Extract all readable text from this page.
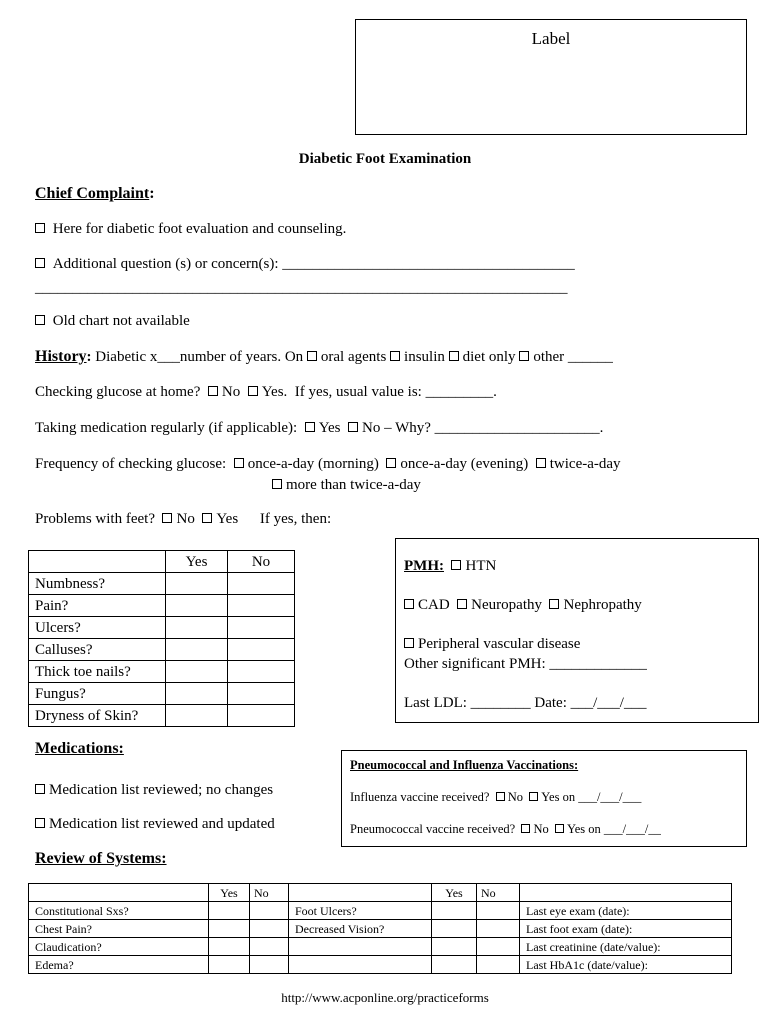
Label
Diabetic Foot Examination
Chief Complaint:
Here for diabetic foot evaluation and counseling.
Additional question (s) or concern(s): _______________________________________
_______________________________________________________________________
Old chart not available
History: Diabetic x___number of years. On oral agents insulin diet only other ______
Checking glucose at home? No Yes. If yes, usual value is: _________.
Taking medication regularly (if applicable): Yes No – Why? ______________________.
Frequency of checking glucose: once-a-day (morning) once-a-day (evening) twice-a-day
more than twice-a-day
Problems with feet? No Yes If yes, then:
	Yes	No
Numbness?		
Pain?		
Ulcers?		
Calluses?		
Thick toe nails?		
Fungus?		
Dryness of Skin?		
PMH: HTN
CAD Neuropathy Nephropathy
Peripheral vascular disease
Other significant PMH: _____________
Last LDL: ________ Date: ___/___/___
Medications:
Medication list reviewed; no changes
Medication list reviewed and updated
Pneumococcal and Influenza Vaccinations:
Influenza vaccine received? No Yes on ___/___/___
Pneumococcal vaccine received? No Yes on ___/___/__
Review of Systems:
	Yes	No		Yes	No	
Constitutional Sxs?			Foot Ulcers?			Last eye exam (date):
Chest Pain?			Decreased Vision?			Last foot exam (date):
Claudication?						Last creatinine (date/value):
Edema?						Last HbA1c (date/value):
http://www.acponline.org/practiceforms
